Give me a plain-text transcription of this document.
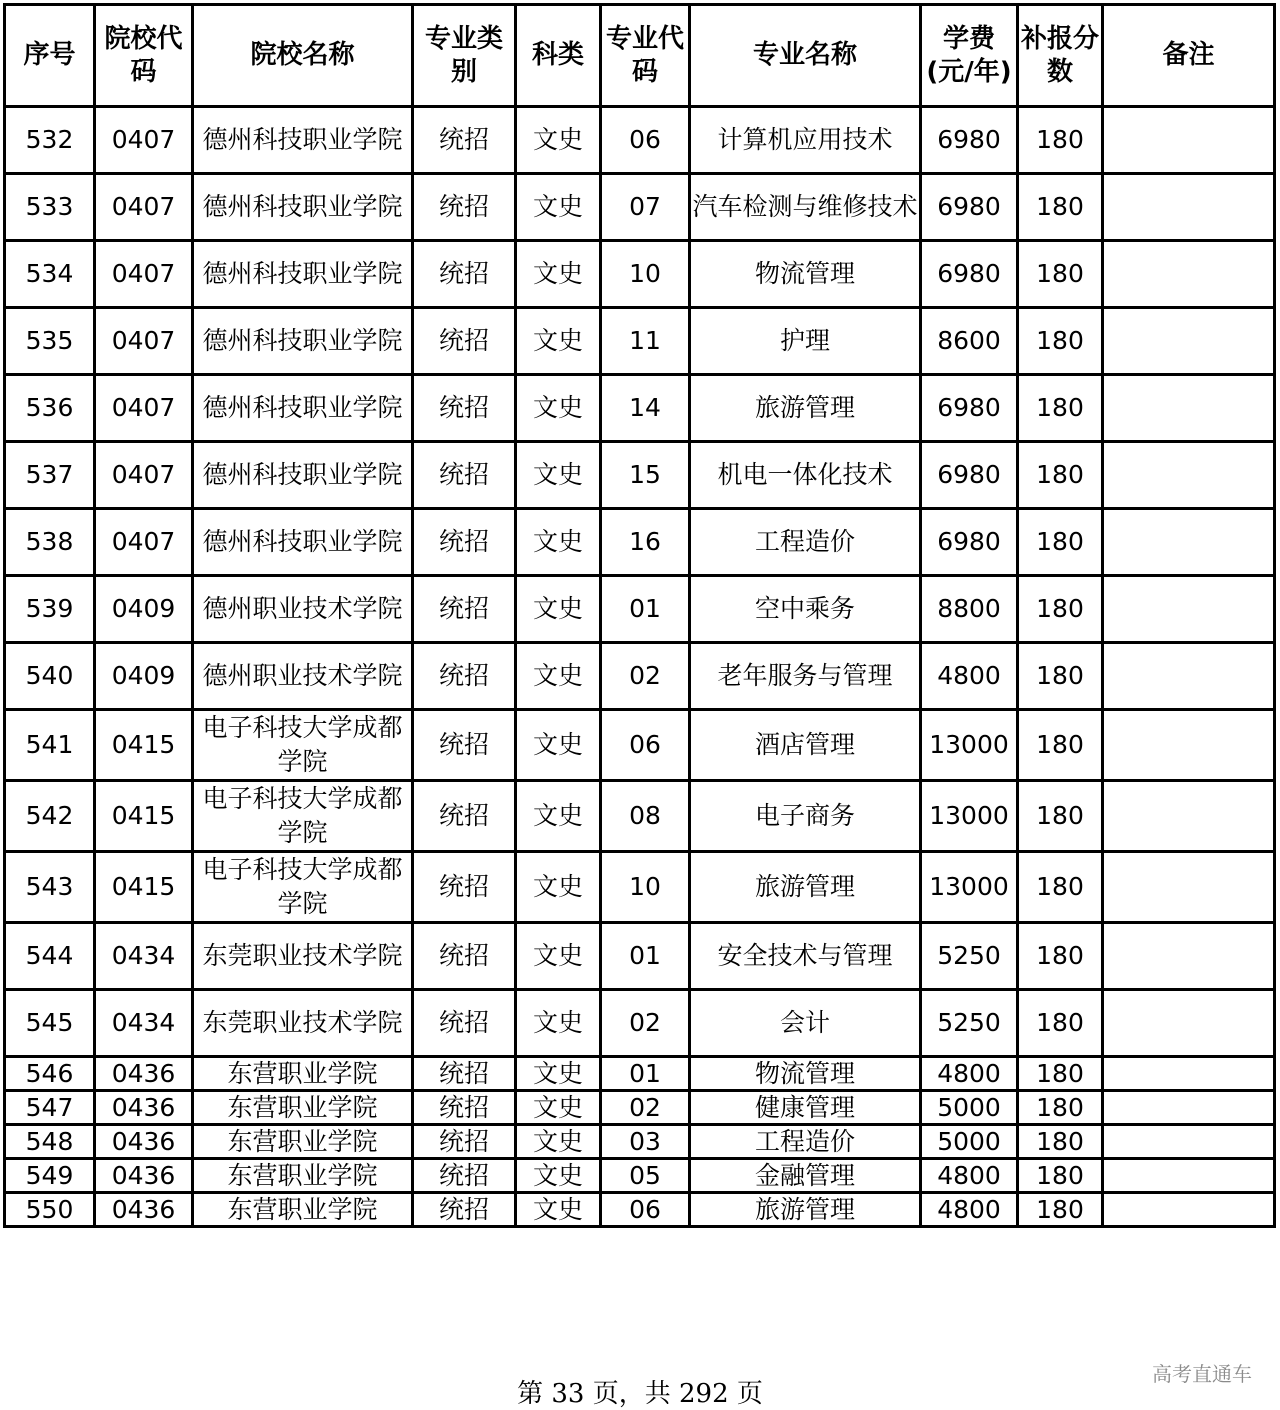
序号	院校代码	院校名称	专业类别	科类	专业代码	专业名称	学费(元/年)	补报分数	备注
532	0407	德州科技职业学院	统招	文史	06	计算机应用技术	6980	180	
533	0407	德州科技职业学院	统招	文史	07	汽车检测与维修技术	6980	180	
534	0407	德州科技职业学院	统招	文史	10	物流管理	6980	180	
535	0407	德州科技职业学院	统招	文史	11	护理	8600	180	
536	0407	德州科技职业学院	统招	文史	14	旅游管理	6980	180	
537	0407	德州科技职业学院	统招	文史	15	机电一体化技术	6980	180	
538	0407	德州科技职业学院	统招	文史	16	工程造价	6980	180	
539	0409	德州职业技术学院	统招	文史	01	空中乘务	8800	180	
540	0409	德州职业技术学院	统招	文史	02	老年服务与管理	4800	180	
541	0415	电子科技大学成都学院	统招	文史	06	酒店管理	13000	180	
542	0415	电子科技大学成都学院	统招	文史	08	电子商务	13000	180	
543	0415	电子科技大学成都学院	统招	文史	10	旅游管理	13000	180	
544	0434	东莞职业技术学院	统招	文史	01	安全技术与管理	5250	180	
545	0434	东莞职业技术学院	统招	文史	02	会计	5250	180	
546	0436	东营职业学院	统招	文史	01	物流管理	4800	180	
547	0436	东营职业学院	统招	文史	02	健康管理	5000	180	
548	0436	东营职业学院	统招	文史	03	工程造价	5000	180	
549	0436	东营职业学院	统招	文史	05	金融管理	4800	180	
550	0436	东营职业学院	统招	文史	06	旅游管理	4800	180	
第 33 页，共 292 页
高考直通车
